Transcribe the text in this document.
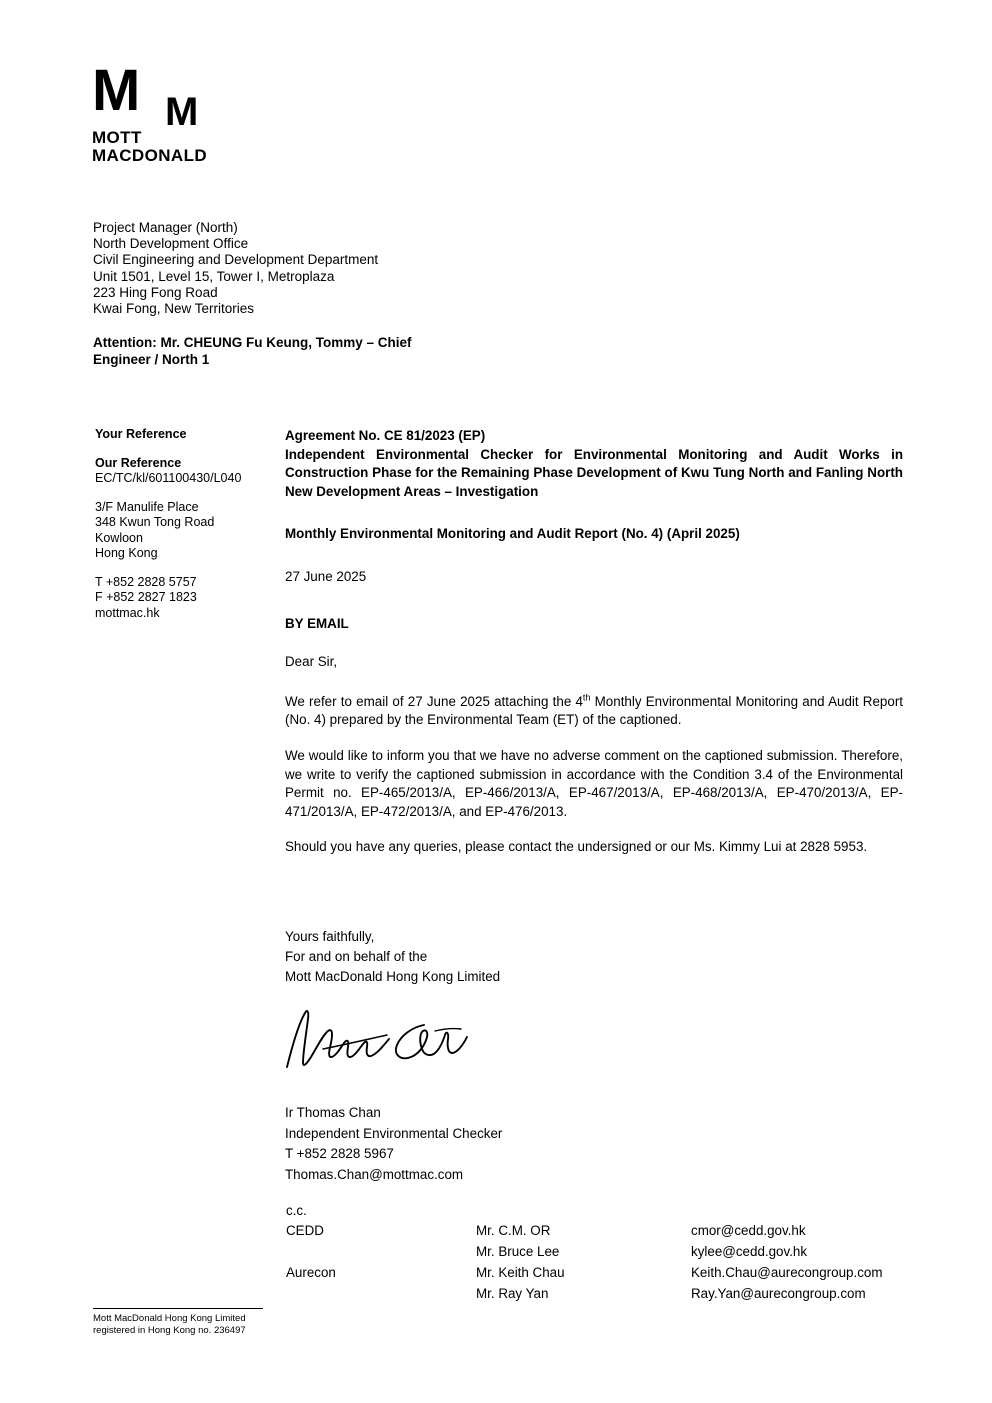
M M
MOTT
MACDONALD
Project Manager (North)
North Development Office
Civil Engineering and Development Department
Unit 1501, Level 15, Tower I, Metroplaza
223 Hing Fong Road
Kwai Fong, New Territories
Attention: Mr. CHEUNG Fu Keung, Tommy – Chief
Engineer / North 1
Your Reference
Our Reference
EC/TC/kl/601100430/L040
3/F Manulife Place
348 Kwun Tong Road
Kowloon
Hong Kong
T +852 2828 5757
F +852 2827 1823
mottmac.hk
Agreement No. CE 81/2023 (EP)
Independent Environmental Checker for Environmental Monitoring and Audit Works in Construction Phase for the Remaining Phase Development of Kwu Tung North and Fanling North New Development Areas – Investigation
Monthly Environmental Monitoring and Audit Report (No. 4) (April 2025)
27 June 2025
BY EMAIL
Dear Sir,

We refer to email of 27 June 2025 attaching the 4th Monthly Environmental Monitoring and Audit Report (No. 4) prepared by the Environmental Team (ET) of the captioned.

We would like to inform you that we have no adverse comment on the captioned submission. Therefore, we write to verify the captioned submission in accordance with the Condition 3.4 of the Environmental Permit no. EP-465/2013/A, EP-466/2013/A, EP-467/2013/A, EP-468/2013/A, EP-470/2013/A, EP-471/2013/A, EP-472/2013/A, and EP-476/2013.

Should you have any queries, please contact the undersigned or our Ms. Kimmy Lui at 2828 5953.

Yours faithfully,
For and on behalf of the
Mott MacDonald Hong Kong Limited
Ir Thomas Chan
Independent Environmental Checker
T +852 2828 5967
Thomas.Chan@mottmac.com
c.c.
CEDD	Mr. C.M. OR	cmor@cedd.gov.hk
	Mr. Bruce Lee	kylee@cedd.gov.hk
Aurecon	Mr. Keith Chau	Keith.Chau@aurecongroup.com
	Mr. Ray Yan	Ray.Yan@aurecongroup.com
Mott MacDonald Hong Kong Limited
registered in Hong Kong no. 236497
